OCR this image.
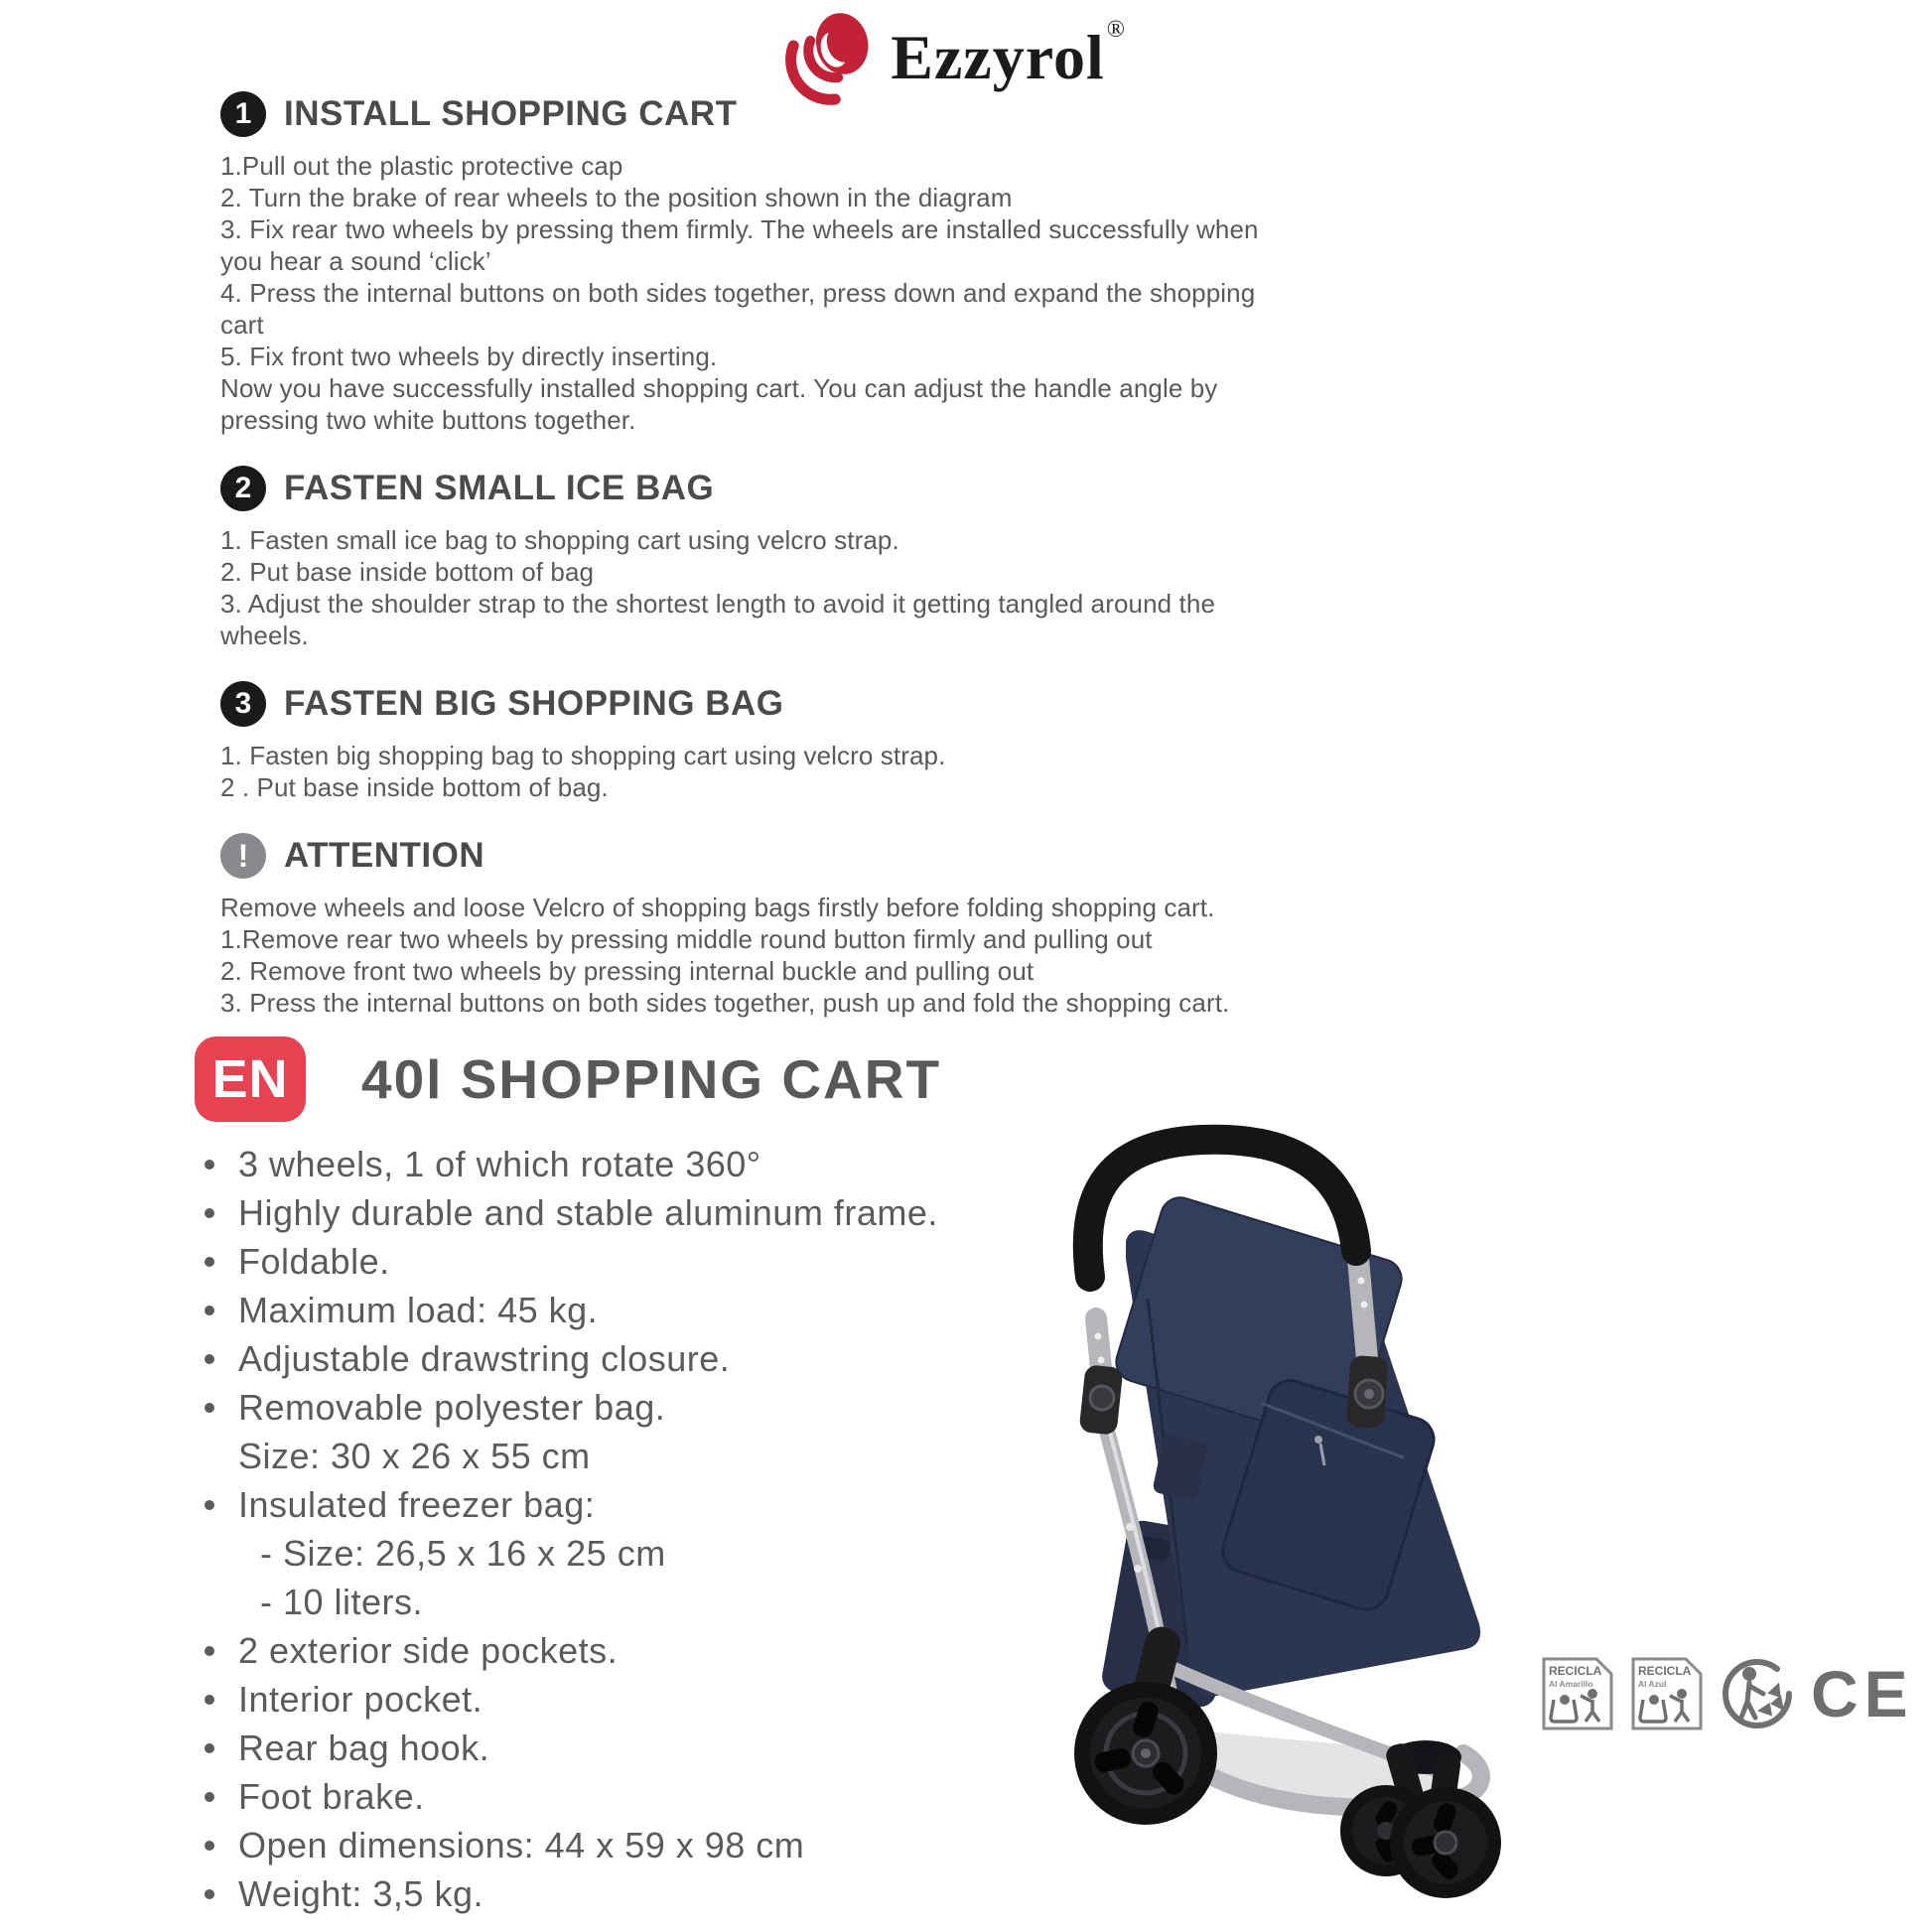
Ezzyrol ®
1 INSTALL SHOPPING CART

1.Pull out the plastic protective cap

2. Turn the brake of rear wheels to the position shown in the diagram

3. Fix rear two wheels by pressing them firmly. The wheels are installed successfully when you hear a sound ‘click’

4. Press the internal buttons on both sides together, press down and expand the shopping cart

5. Fix front two wheels by directly inserting.

Now you have successfully installed shopping cart. You can adjust the handle angle by pressing two white buttons together.

2 FASTEN SMALL ICE BAG

1. Fasten small ice bag to shopping cart using velcro strap.

2. Put base inside bottom of bag

3. Adjust the shoulder strap to the shortest length to avoid it getting tangled around the wheels.

3 FASTEN BIG SHOPPING BAG

1. Fasten big shopping bag to shopping cart using velcro strap.

2 . Put base inside bottom of bag.

!	ATTENTION

Remove wheels and loose Velcro of shopping bags firstly before folding shopping cart.

1.Remove rear two wheels by pressing middle round button firmly and pulling out

2. Remove front two wheels by pressing internal buckle and pulling out

3. Press the internal buttons on both sides together, push up and fold the shopping cart.

EN	40l SHOPPING CART
3 wheels, 1 of which rotate 360°
Highly durable and stable aluminum frame.
Foldable.
Maximum load: 45 kg.
Adjustable drawstring closure.
Removable polyester bag.
Size: 30 x 26 x 55 cm
Insulated freezer bag:
- Size: 26,5 x 16 x 25 cm
- 10 liters.
2 exterior side pockets.
Interior pocket.
Rear bag hook.
Foot brake.
Open dimensions: 44 x 59 x 98 cm
Weight: 3,5 kg.
RECICLA
Al Amarillo
RECICLA
Al Azul CE
